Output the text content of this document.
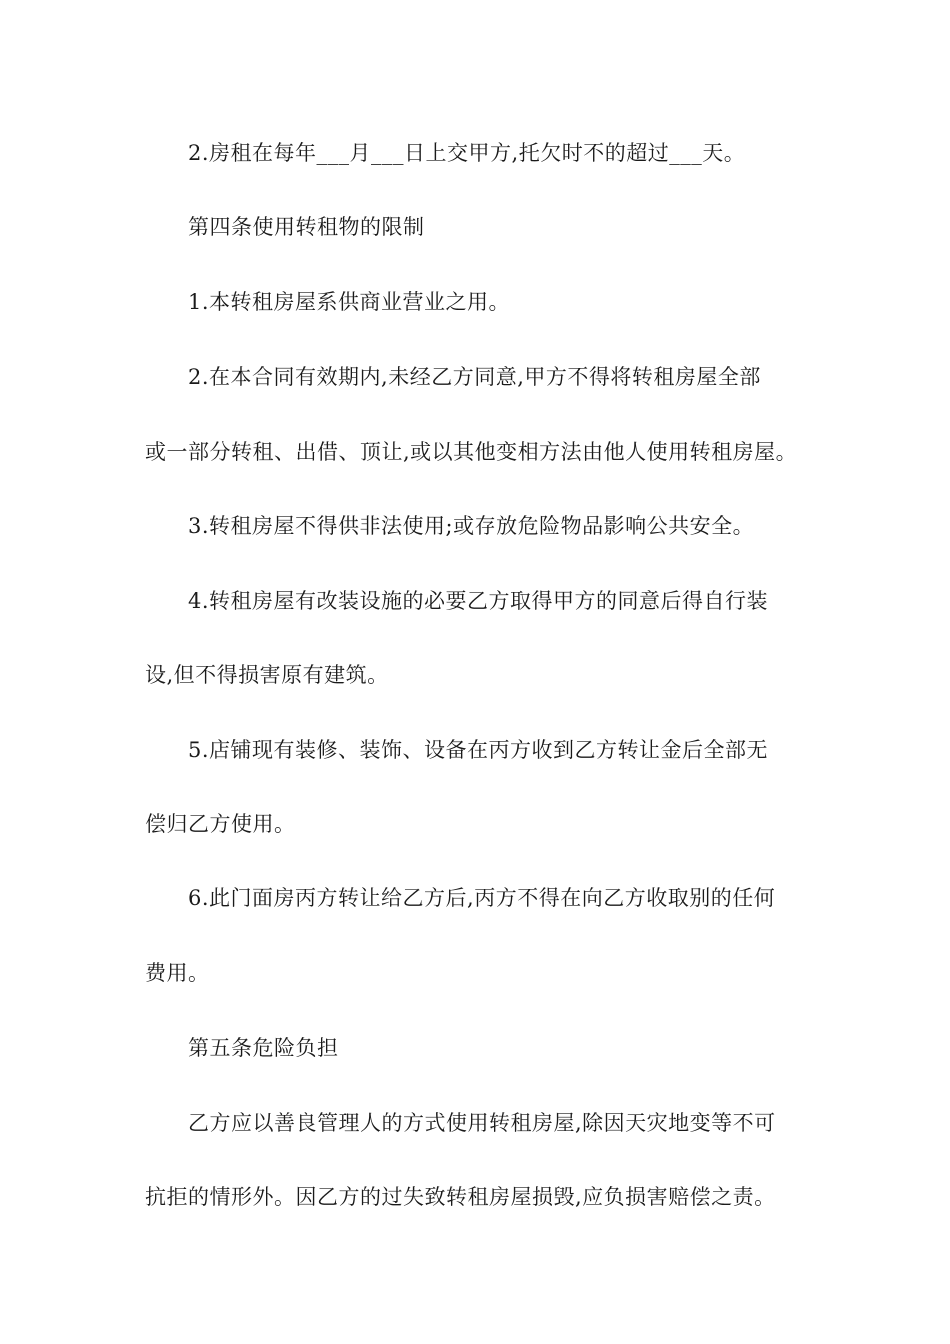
2.房租在每年___月___日上交甲方,托欠时不的超过___天。
第四条使用转租物的限制
1.本转租房屋系供商业营业之用。
2.在本合同有效期内,未经乙方同意,甲方不得将转租房屋全部
或一部分转租、出借、顶让,或以其他变相方法由他人使用转租房屋。
3.转租房屋不得供非法使用;或存放危险物品影响公共安全。
4.转租房屋有改装设施的必要乙方取得甲方的同意后得自行装
设,但不得损害原有建筑。
5.店铺现有装修、装饰、设备在丙方收到乙方转让金后全部无
偿归乙方使用。
6.此门面房丙方转让给乙方后,丙方不得在向乙方收取别的任何
费用。
第五条危险负担
乙方应以善良管理人的方式使用转租房屋,除因天灾地变等不可
抗拒的情形外。因乙方的过失致转租房屋损毁,应负损害赔偿之责。
